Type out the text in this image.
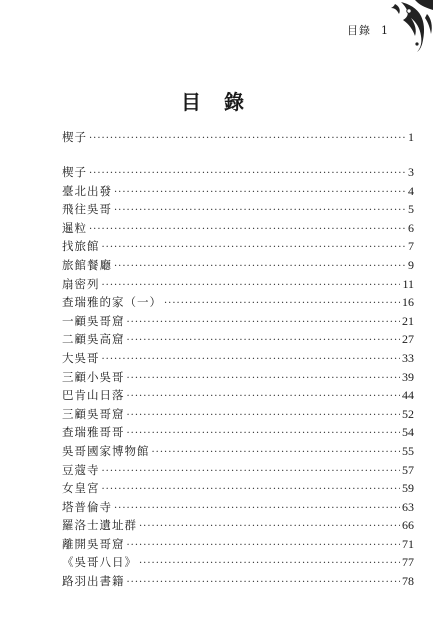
目錄 1
目 錄
楔子 ·····	1
楔子 ·····	3
臺北出發 ·····	4
飛往吳哥 ·····	5
暹粒 ·····	6
找旅館 ·····	7
旅館餐廳 ·····	9
扇密列 ·····	11
查瑞雅的家（一） ·····	16
一顧吳哥窟 ·····	21
二顧吳高窟 ·····	27
大吳哥 ·····	33
三顧小吳哥 ·····	39
巴肯山日落 ·····	44
三顧吳哥窟 ·····	52
查瑞雅哥哥 ·····	54
吳哥國家博物館 ·····	55
豆蔻寺 ·····	57
女皇宮 ·····	59
塔普倫寺 ·····	63
羅洛士遺址群 ·····	66
離開吳哥窟 ·····	71
《吳哥八日》 ·····	77
路羽出書籍 ·····	78
